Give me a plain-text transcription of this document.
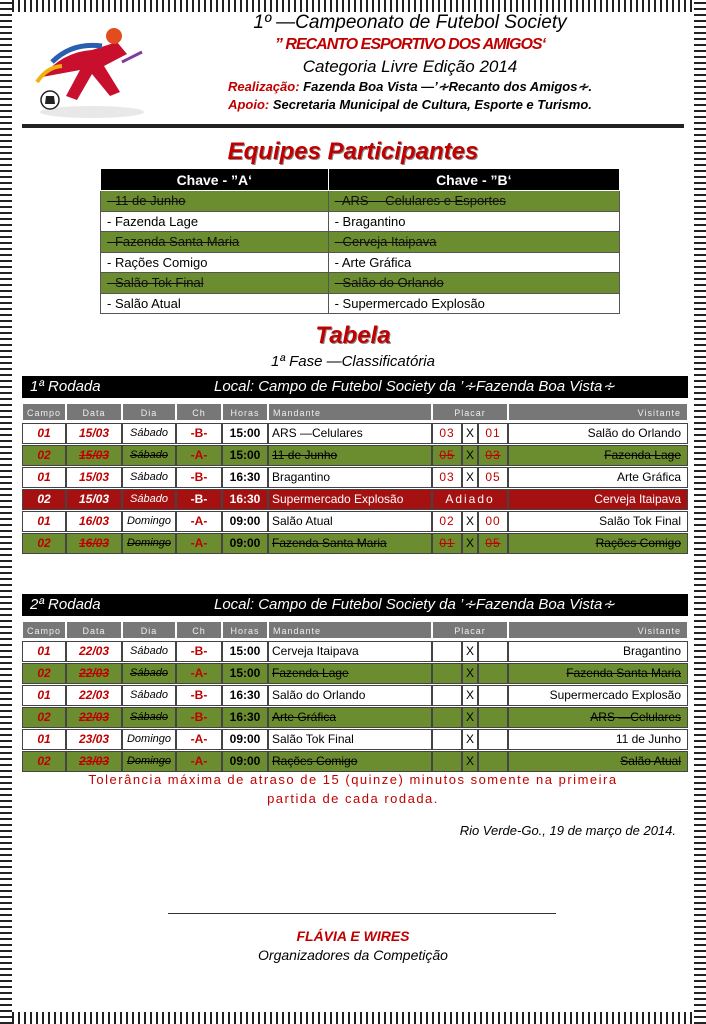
1º —Campeonato de Futebol Society
” RECANTO ESPORTIVO DOS AMIGOS‘
Categoria Livre Edição 2014
Realização: Fazenda Boa Vista —’∻Recanto dos Amigos∻.
Apoio: Secretaria Municipal de Cultura, Esporte e Turismo.
Equipes Participantes
Chave - ”A‘	Chave - ”B‘
- 11 de Junho	- ARS —Celulares e Esportes
- Fazenda Lage	- Bragantino
- Fazenda Santa Maria	- Cerveja Itaipava
- Rações Comigo	- Arte Gráfica
- Salão Tok Final	- Salão do Orlando
- Salão Atual	- Supermercado Explosão
Tabela
1ª Fase —Classificatória
1ª Rodada	Local: Campo de Futebol Society da ’∻Fazenda Boa Vista∻
Campo	Data	Dia	Ch	Horas	Mandante	Placar	Visitante
01	15/03	Sábado	-B-	15:00 ARS —Celulares	03 X 01	Salão do Orlando
02	15/03	Sábado	-A-	15:00 11 de Junho	05 X 03	Fazenda Lage
01	15/03	Sábado	-B-	16:30 Bragantino	03 X 05	Arte Gráfica
02	15/03	Sábado	-B-	16:30 Supermercado Explosão	Adiado	Cerveja Itaipava
01	16/03	Domingo	-A-	09:00 Salão Atual	02 X 00	Salão Tok Final
02	16/03	Domingo	-A-	09:00 Fazenda Santa Maria	01 X 05	Rações Comigo
2ª Rodada	Local: Campo de Futebol Society da ’∻Fazenda Boa Vista∻
Campo	Data	Dia	Ch	Horas	Mandante	Placar	Visitante
01	22/03	Sábado	-B-	15:00 Cerveja Itaipava	X	Bragantino
02	22/03	Sábado	-A-	15:00 Fazenda Lage	X	Fazenda Santa Maria
01	22/03	Sábado	-B-	16:30 Salão do Orlando	X	Supermercado Explosão
02	22/03	Sábado	-B-	16:30 Arte Gráfica	X	ARS —Celulares
01	23/03	Domingo	-A-	09:00 Salão Tok Final	X	11 de Junho
02	23/03	Domingo	-A-	09:00 Rações Comigo	X	Salão Atual
Tolerância máxima de atraso de 15 (quinze) minutos somente na primeira
partida de cada rodada.
Rio Verde-Go., 19 de março de 2014.
FLÁVIA E WIRES
Organizadores da Competição
